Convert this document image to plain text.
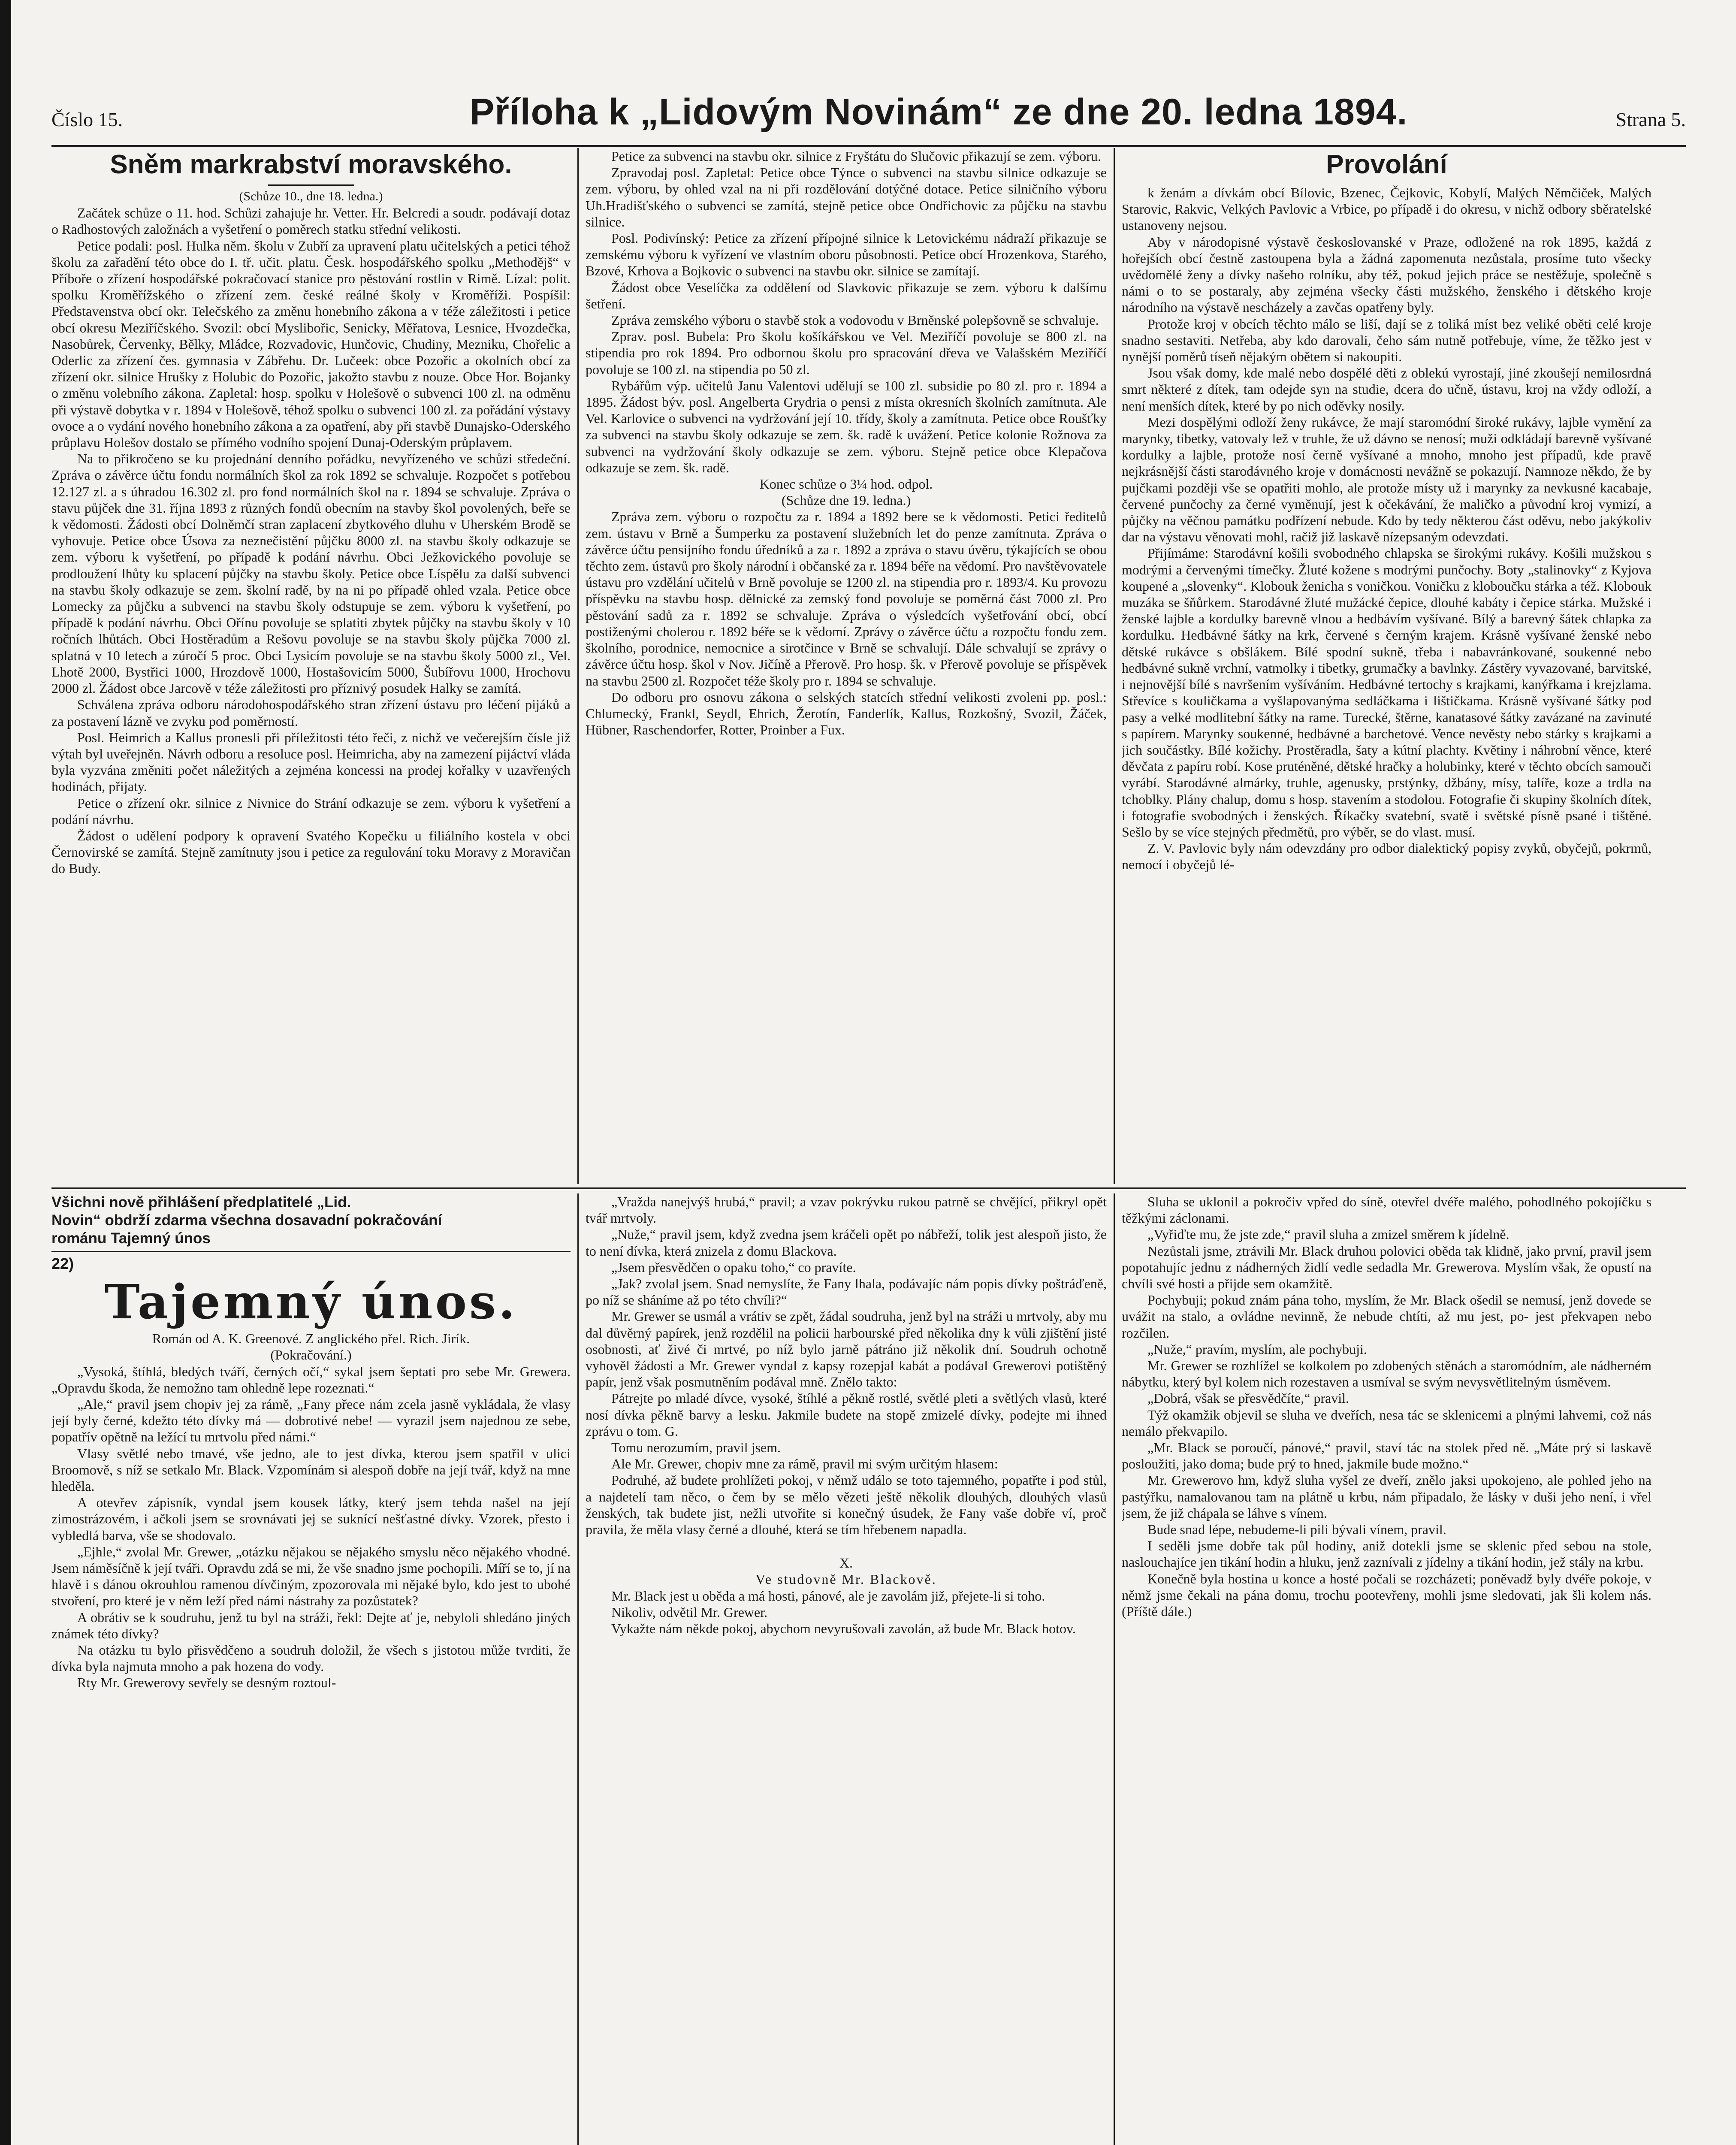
Číslo 15.	Příloha k „Lidovým Novinám“ ze dne 20. ledna 1894.	Strana 5.
Sněm markrabství moravského.

(Schůze 10., dne 18. ledna.)

Začátek schůze o 11. hod. Schůzi zahajuje hr. Vetter. Hr. Belcredi a soudr. podávají dotaz o Radhostových založnách a vyšetření o poměrech statku střední velikosti.

Petice podali: posl. Hulka něm. školu v Zubří za upravení platu učitelských a petici téhož školu za zařadění této obce do I. tř. učit. platu. Česk. hospodářského spolku „Methodějš“ v Příboře o zřízení hospodářské pokračovací stanice pro pěstování rostlin v Rimě. Lízal: polit. spolku Kroměřížského o zřízení zem. české reálné školy v Kroměříži. Pospíšil: Představenstva obcí okr. Telečského za změnu honebního zákona a v téže záležitosti i petice obcí okresu Meziříčského. Svozil: obcí Myslibořic, Senicky, Měřatova, Lesnice, Hvozdečka, Nasobůrek, Červenky, Bělky, Mládce, Rozvadovic, Hunčovic, Chudiny, Mezniku, Chořelic a Oderlic za zřízení čes. gymnasia v Zábřehu. Dr. Lučeek: obce Pozořic a okolních obcí za zřízení okr. silnice Hrušky z Holubic do Pozořic, jakožto stavbu z nouze. Obce Hor. Bojanky o změnu volebního zákona. Zapletal: hosp. spolku v Holešově o subvenci 100 zl. na odměnu při výstavě dobytka v r. 1894 v Holešově, téhož spolku o subvenci 100 zl. za pořádání výstavy ovoce a o vydání nového honebního zákona a za opatření, aby při stavbě Dunajsko-Oderského průplavu Holešov dostalo se přímého vodního spojení Dunaj-Oderským průplavem.

Na to přikročeno se ku projednání denního pořádku, nevyřízeného ve schůzi středeční. Zpráva o závěrce účtu fondu normálních škol za rok 1892 se schvaluje. Rozpočet s potřebou 12.127 zl. a s úhradou 16.302 zl. pro fond normálních škol na r. 1894 se schvaluje. Zpráva o stavu půjček dne 31. října 1893 z různých fondů obecním na stavby škol povolených, beře se k vědomosti. Žádosti obcí Dolněmčí stran zaplacení zbytkového dluhu v Uherském Brodě se vyhovuje. Petice obce Úsova za neznečistění půjčku 8000 zl. na stavbu školy odkazuje se zem. výboru k vyšetření, po případě k podání návrhu. Obci Ježkovického povoluje se prodloužení lhůty ku splacení půjčky na stavbu školy. Petice obce Líspělu za další subvenci na stavbu školy odkazuje se zem. školní radě, by na ni po případě ohled vzala. Petice obce Lomecky za půjčku a subvenci na stavbu školy odstupuje se zem. výboru k vyšetření, po případě k podání návrhu. Obci Ořínu povoluje se splatiti zbytek půjčky na stavbu školy v 10 ročních lhůtách. Obci Hostěradům a Rešovu povoluje se na stavbu školy půjčka 7000 zl. splatná v 10 letech a zúročí 5 proc. Obci Lysicím povoluje se na stavbu školy 5000 zl., Vel. Lhotě 2000, Bystřici 1000, Hrozdově 1000, Hostašovicím 5000, Šubířovu 1000, Hrochovu 2000 zl. Žádost obce Jarcově v téže záležitosti pro příznivý posudek Halky se zamítá.

Schválena zpráva odboru národohospodářského stran zřízení ústavu pro léčení pijáků a za postavení lázně ve zvyku pod poměrností.

Posl. Heimrich a Kallus pronesli při příležitosti této řeči, z nichž ve večerejším čísle již výtah byl uveřejněn. Návrh odboru a resoluce posl. Heimricha, aby na zamezení pijáctví vláda byla vyzvána změniti počet náležitých a zejména koncessi na prodej kořalky v uzavřených hodinách, přijaty.

Petice o zřízení okr. silnice z Nivnice do Strání odkazuje se zem. výboru k vyšetření a podání návrhu.

Žádost o udělení podpory k opravení Svatého Kopečku u filiálního kostela v obci Černovirské se zamítá. Stejně zamítnuty jsou i petice za regulování toku Moravy z Moravičan do Budy.

Petice za subvenci na stavbu okr. silnice z Fryštátu do Slučovic přikazují se zem. výboru.

Zpravodaj posl. Zapletal: Petice obce Týnce o subvenci na stavbu silnice odkazuje se zem. výboru, by ohled vzal na ni při rozdělování dotýčné dotace. Petice silničního výboru Uh.Hradišťského o subvenci se zamítá, stejně petice obce Ondřichovic za půjčku na stavbu silnice.

Posl. Podivínský: Petice za zřízení přípojné silnice k Letovickému nádraží přikazuje se zemskému výboru k vyřízení ve vlastním oboru působnosti. Petice obcí Hrozenkova, Starého, Bzové, Krhova a Bojkovic o subvenci na stavbu okr. silnice se zamítají.

Žádost obce Veselíčka za oddělení od Slavkovic přikazuje se zem. výboru k dalšímu šetření.

Zpráva zemského výboru o stavbě stok a vodovodu v Brněnské polepšovně se schvaluje.

Zprav. posl. Bubela: Pro školu košíkářskou ve Vel. Meziříčí povoluje se 800 zl. na stipendia pro rok 1894. Pro odbornou školu pro spracování dřeva ve Valašském Meziříčí povoluje se 100 zl. na stipendia po 50 zl.

Rybářům výp. učitelů Janu Valentovi udělují se 100 zl. subsidie po 80 zl. pro r. 1894 a 1895. Žádost býv. posl. Angelberta Grydria o pensi z místa okresních školních zamítnuta. Ale Vel. Karlovice o subvenci na vydržování její 10. třídy, školy a zamítnuta. Petice obce Roušťky za subvenci na stavbu školy odkazuje se zem. šk. radě k uvážení. Petice kolonie Rožnova za subvenci na vydržování školy odkazuje se zem. výboru. Stejně petice obce Klepačova odkazuje se zem. šk. radě.

Konec schůze o 3¼ hod. odpol.

(Schůze dne 19. ledna.)

Zpráva zem. výboru o rozpočtu za r. 1894 a 1892 bere se k vědomosti. Petici ředitelů zem. ústavu v Brně a Šumperku za postavení služebních let do penze zamítnuta. Zpráva o závěrce účtu pensijního fondu úředníků a za r. 1892 a zpráva o stavu úvěru, týkajících se obou těchto zem. ústavů pro školy národní i občanské za r. 1894 béře na vědomí. Pro navštěvovatele ústavu pro vzdělání učitelů v Brně povoluje se 1200 zl. na stipendia pro r. 1893/4. Ku provozu příspěvku na stavbu hosp. dělnické za zemský fond povoluje se poměrná část 7000 zl. Pro pěstování sadů za r. 1892 se schvaluje. Zpráva o výsledcích vyšetřování obcí, obcí postiženými cholerou r. 1892 béře se k vědomí. Zprávy o závěrce účtu a rozpočtu fondu zem. školního, porodnice, nemocnice a sirotčince v Brně se schvalují. Dále schvalují se zprávy o závěrce účtu hosp. škol v Nov. Jičíně a Přerově. Pro hosp. šk. v Přerově povoluje se příspěvek na stavbu 2500 zl. Rozpočet téže školy pro r. 1894 se schvaluje.

Do odboru pro osnovu zákona o selských statcích střední velikosti zvoleni pp. posl.: Chlumecký, Frankl, Seydl, Ehrich, Žerotín, Fanderlík, Kallus, Rozkošný, Svozil, Žáček, Hübner, Raschendorfer, Rotter, Proinber a Fux.

Provolání

k ženám a dívkám obcí Bílovic, Bzenec, Čejkovic, Kobylí, Malých Němčiček, Malých Starovic, Rakvic, Velkých Pavlovic a Vrbice, po případě i do okresu, v nichž odbory sběratelské ustanoveny nejsou.

Aby v národopisné výstavě českoslovanské v Praze, odložené na rok 1895, každá z hořejších obcí čestně zastoupena byla a žádná zapomenuta nezůstala, prosíme tuto všecky uvědomělé ženy a dívky našeho rolníku, aby též, pokud jejich práce se nestěžuje, společně s námi o to se postaraly, aby zejména všecky části mužského, ženského i dětského kroje národního na výstavě nescházely a zavčas opatřeny byly.

Protože kroj v obcích těchto málo se liší, dají se z toliká míst bez veliké oběti celé kroje snadno sestaviti. Netřeba, aby kdo darovali, čeho sám nutně potřebuje, víme, že těžko jest v nynější poměrů tíseň nějakým obětem si nakoupiti.

Jsou však domy, kde malé nebo dospělé děti z oblekú vyrostají, jiné zkoušejí nemilosrdná smrt některé z dítek, tam odejde syn na studie, dcera do učně, ústavu, kroj na vždy odloží, a není menších dítek, které by po nich oděvky nosily.

Mezi dospělými odloží ženy rukávce, že mají staromódní široké rukávy, lajble vymění za marynky, tibetky, vatovaly lež v truhle, že už dávno se nenosí; muži odkládají barevně vyšívané kordulky a lajble, protože nosí černě vyšívané a mnoho, mnoho jest případů, kde pravě nejkrásnější části starodávného kroje v domácnosti nevážně se pokazují. Namnoze někdo, že by pujčkami později vše se opatřiti mohlo, ale protože místy už i marynky za nevkusné kacabaje, červené punčochy za černé vyměnují, jest k očekávání, že maličko a původní kroj vymizí, a půjčky na věčnou památku podřízení nebude. Kdo by tedy některou část oděvu, nebo jakýkoliv dar na výstavu věnovati mohl, račiž již laskavě nízepsaným odevzdati.

Přijímáme: Starodávní košili svobodného chlapska se širokými rukávy. Košili mužskou s modrými a červenými tímečky. Žluté kožene s modrými punčochy. Boty „stalinovky“ z Kyjova koupené a „slovenky“. Klobouk ženicha s voničkou. Voničku z kloboučku stárka a též. Klobouk muzáka se šňůrkem. Starodávné žluté mužácké čepice, dlouhé kabáty i čepice stárka. Mužské i ženské lajble a kordulky barevně vlnou a hedbávím vyšívané. Bílý a barevný šátek chlapka za kordulku. Hedbávné šátky na krk, červené s černým krajem. Krásně vyšívané ženské nebo dětské rukávce s obšlákem. Bílé spodní sukně, třeba i nabavránkované, soukenné nebo hedbávné sukně vrchní, vatmolky i tibetky, grumačky a bavlnky. Zástěry vyvazované, barvitské, i nejnovější bílé s navršením vyšíváním. Hedbávné tertochy s krajkami, kanýřkama i krejzlama. Střevíce s kouličkama a vyšlapovanýma sedláčkama i lištičkama. Krásně vyšívané šátky pod pasy a velké modlitební šátky na rame. Turecké, štěrne, kanatasové šátky zavázané na zavinuté s papírem. Marynky soukenné, hedbávné a barchetové. Vence nevěsty nebo stárky s krajkami a jich součástky. Bílé kožichy. Prostěradla, šaty a kútní plachty. Květiny i náhrobní věnce, které děvčata z papíru robí. Kose pruténěné, dětské hračky a holubinky, které v těchto obcích samouči vyrábí. Starodávné almárky, truhle, agenusky, prstýnky, džbány, mísy, talíře, koze a trdla na tchoblky. Plány chalup, domu s hosp. stavením a stodolou. Fotografie či skupiny školních dítek, i fotografie svobodných i ženských. Říkačky svatební, svatě i světské písně psané i tištěné. Sešlo by se více stejných předmětů, pro výběr, se do vlast. musí.

Z. V. Pavlovic byly nám odevzdány pro odbor dialektický popisy zvyků, obyčejů, pokrmů, nemocí i obyčejů lé-

Všichni nově přihlášení předplatitelé „Lid.
Novin“ obdrží zdarma všechna dosavadní pokračování
románu Tajemný únos

22)

Tajemný únos.

Román od A. K. Greenové. Z anglického přel. Rich. Jirík.

(Pokračování.)

„Vysoká, štíhlá, bledých tváří, černých očí,“ sykal jsem šeptati pro sebe Mr. Grewera. „Opravdu škoda, že nemožno tam ohledně lepe rozeznati.“

„Ale,“ pravil jsem chopiv jej za rámě, „Fany přece nám zcela jasně vykládala, že vlasy její byly černé, kdežto této dívky má — dobrotivé nebe! — vyrazil jsem najednou ze sebe, popatřív opětně na ležící tu mrtvolu před námi.“

Vlasy světlé nebo tmavé, vše jedno, ale to jest dívka, kterou jsem spatřil v ulici Broomově, s níž se setkalo Mr. Black. Vzpomínám si alespoň dobře na její tvář, když na mne hleděla.

A otevřev zápisník, vyndal jsem kousek látky, který jsem tehda našel na její zimostrázovém, i ačkoli jsem se srovnávati jej se suknící nešťastné dívky. Vzorek, přesto i vybledlá barva, vše se shodovalo.

„Ejhle,“ zvolal Mr. Grewer, „otázku nějakou se nějakého smyslu něco nějakého vhodné. Jsem náměsíčně k její tváři. Opravdu zdá se mi, že vše snadno jsme pochopili. Míří se to, jí na hlavě i s dánou okrouhlou ramenou dívčiným, zpozorovala mi nějaké bylo, kdo jest to ubohé stvoření, pro které je v něm leží před námi nástrahy za pozůstatek?

A obrátiv se k soudruhu, jenž tu byl na stráži, řekl: Dejte ať je, nebyloli shledáno jiných známek této dívky?

Na otázku tu bylo přisvědčeno a soudruh doložil, že všech s jistotou může tvrditi, že dívka byla najmuta mnoho a pak hozena do vody.

Rty Mr. Grewerovy sevřely se desným roztoul-

„Vražda nanejvýš hrubá,“ pravil; a vzav pokrývku rukou patrně se chvějící, přikryl opět tvář mrtvoly.

„Nuže,“ pravil jsem, když zvedna jsem kráčeli opět po nábřeží, tolik jest alespoň jisto, že to není dívka, která znizela z domu Blackova.

„Jsem přesvědčen o opaku toho,“ co pravíte.

„Jak? zvolal jsem. Snad nemyslíte, že Fany lhala, podávajíc nám popis dívky poštráďeně, po níž se sháníme až po této chvíli?“

Mr. Grewer se usmál a vrátiv se zpět, žádal soudruha, jenž byl na stráži u mrtvoly, aby mu dal důvěrný papírek, jenž rozdělil na policii harbourské před několika dny k vůli zjištění jisté osobnosti, ať živé či mrtvé, po níž bylo jarně pátráno již několik dní. Soudruh ochotně vyhověl žádosti a Mr. Grewer vyndal z kapsy rozepjal kabát a podával Grewerovi potištěný papír, jenž však posmutněním podával mně. Znělo takto:

Pátrejte po mladé dívce, vysoké, štíhlé a pěkně rostlé, světlé pleti a světlých vlasů, které nosí dívka pěkně barvy a lesku. Jakmile budete na stopě zmizelé dívky, podejte mi ihned zprávu o tom. G.

Tomu nerozumím, pravil jsem.

Ale Mr. Grewer, chopiv mne za rámě, pravil mi svým určitým hlasem:

Podruhé, až budete prohlížeti pokoj, v němž událo se toto tajemného, popatřte i pod stůl, a najdetelí tam něco, o čem by se mělo vězeti ještě několik dlouhých, dlouhých vlasů ženských, tak budete jist, nežli utvořite si konečný úsudek, že Fany vaše dobře ví, proč pravila, že měla vlasy černé a dlouhé, která se tím hřebenem napadla.

X.

Ve studovně Mr. Blackově.

Mr. Black jest u oběda a má hosti, pánové, ale je zavolám již, přejete-li si toho.

Nikoliv, odvětil Mr. Grewer.

Vykažte nám někde pokoj, abychom nevyrušovali zavolán, až bude Mr. Black hotov.

Sluha se uklonil a pokročiv vpřed do síně, otevřel dvéře malého, pohodlného pokojíčku s těžkými záclonami.

„Vyřiďte mu, že jste zde,“ pravil sluha a zmizel směrem k jídelně.

Nezůstali jsme, ztrávili Mr. Black druhou polovici oběda tak klidně, jako první, pravil jsem popotahujíc jednu z nádherných židlí vedle sedadla Mr. Grewerova. Myslím však, že opustí na chvíli své hosti a přijde sem okamžitě.

Pochybuji; pokud znám pána toho, myslím, že Mr. Black ošedil se nemusí, jenž dovede se uvážit na stalo, a ovládne nevinně, že nebude chtíti, až mu jest, po- jest překvapen nebo rozčilen.

„Nuže,“ pravím, myslím, ale pochybuji.

Mr. Grewer se rozhlížel se kolkolem po zdobených stěnách a staromódním, ale nádherném nábytku, který byl kolem nich rozestaven a usmíval se svým nevysvětlitelným úsměvem.

„Dobrá, však se přesvědčíte,“ pravil.

Týž okamžik objevil se sluha ve dveřích, nesa tác se sklenicemi a plnými lahvemi, což nás nemálo překvapilo.

„Mr. Black se poroučí, pánové,“ pravil, staví tác na stolek před ně. „Máte prý si laskavě posloužiti, jako doma; bude prý to hned, jakmile bude možno.“

Mr. Grewerovo hm, když sluha vyšel ze dveří, znělo jaksi upokojeno, ale pohled jeho na pastýřku, namalovanou tam na plátně u krbu, nám připadalo, že lásky v duši jeho není, i vřel jsem, že již chápala se láhve s vínem.

Bude snad lépe, nebudeme-li pili bývali vínem, pravil.

I seděli jsme dobře tak půl hodiny, aniž dotekli jsme se sklenic před sebou na stole, naslouchajíce jen tikání hodin a hluku, jenž zaznívali z jídelny a tikání hodin, jež stály na krbu.

Konečně byla hostina u konce a hosté počali se rozcházeti; poněvadž byly dvéře pokoje, v němž jsme čekali na pána domu, trochu pootevřeny, mohli jsme sledovati, jak šli kolem nás. (Příště dále.)
